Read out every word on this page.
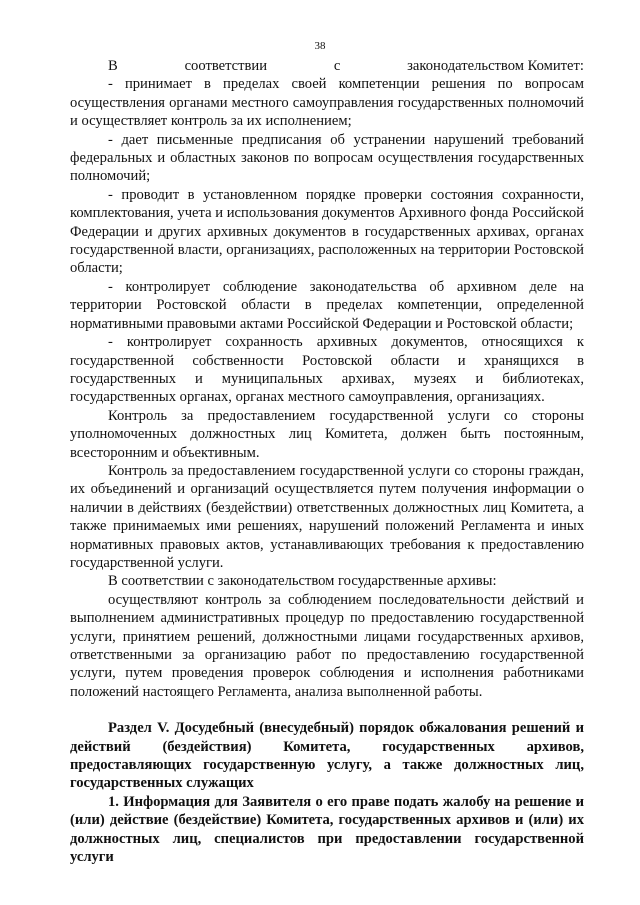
38
В	соответствии	с	законодательством Комитет:

- принимает в пределах своей компетенции решения по вопросам осуществления органами местного самоуправления государственных полномочий и осуществляет контроль за их исполнением;

- дает письменные предписания об устранении нарушений требований федеральных и областных законов по вопросам осуществления государственных полномочий;

- проводит в установленном порядке проверки состояния сохранности, комплектования, учета и использования документов Архивного фонда Российской Федерации и других архивных документов в государственных архивах, органах государственной власти, организациях, расположенных на территории Ростовской области;

- контролирует соблюдение законодательства об архивном деле на территории Ростовской области в пределах компетенции, определенной нормативными правовыми актами Российской Федерации и Ростовской области;

- контролирует сохранность архивных документов, относящихся к государственной собственности Ростовской области и хранящихся в государственных и муниципальных архивах, музеях и библиотеках, государственных органах, органах местного самоуправления, организациях.

Контроль за предоставлением государственной услуги со стороны уполномоченных должностных лиц Комитета, должен быть постоянным, всесторонним и объективным.

Контроль за предоставлением государственной услуги со стороны граждан, их объединений и организаций осуществляется путем получения информации о наличии в действиях (бездействии) ответственных должностных лиц Комитета, а также принимаемых ими решениях, нарушений положений Регламента и иных нормативных правовых актов, устанавливающих требования к предоставлению государственной услуги.

В соответствии с законодательством государственные архивы:

осуществляют контроль за соблюдением последовательности действий и выполнением административных процедур по предоставлению государственной услуги, принятием решений, должностными лицами государственных архивов, ответственными за организацию работ по предоставлению государственной услуги, путем проведения проверок соблюдения и исполнения работниками положений настоящего Регламента, анализа выполненной работы.

Раздел V. Досудебный (внесудебный) порядок обжалования решений и действий (бездействия) Комитета, государственных архивов, предоставляющих государственную услугу, а также должностных лиц, государственных служащих

1. Информация для Заявителя о его праве подать жалобу на решение и (или) действие (бездействие) Комитета, государственных архивов и (или) их должностных лиц, специалистов при предоставлении государственной услуги
